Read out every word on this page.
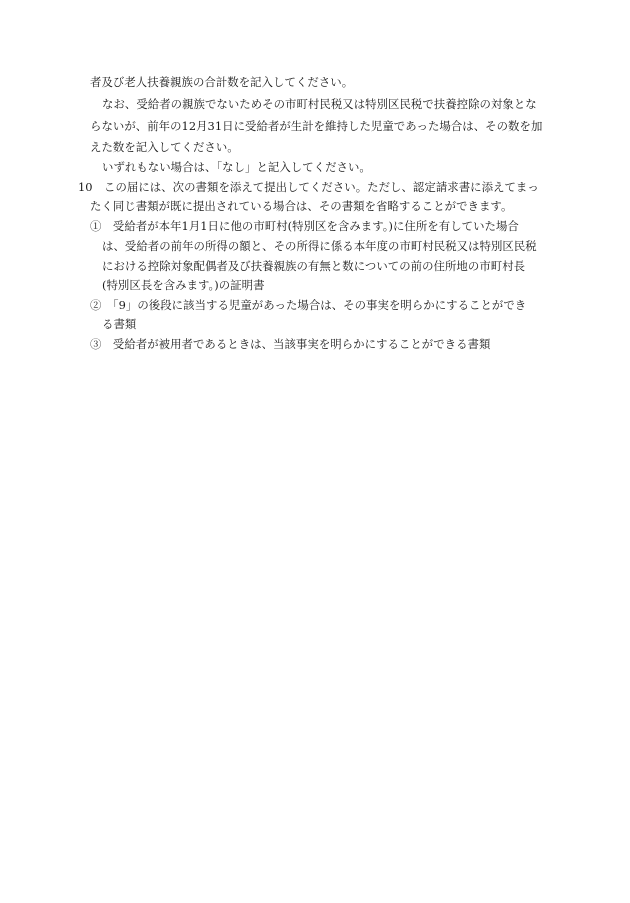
者及び老人扶養親族の合計数を記入してください。
なお、受給者の親族でないためその市町村民税又は特別区民税で扶養控除の対象とな
らないが、前年の12月31日に受給者が生計を維持した児童であった場合は、その数を加
えた数を記入してください。
いずれもない場合は、「なし」と記入してください。
10　この届には、次の書類を添えて提出してください。ただし、認定請求書に添えてまっ
たく同じ書類が既に提出されている場合は、その書類を省略することができます。
①　受給者が本年1月1日に他の市町村(特別区を含みます。)に住所を有していた場合
は、受給者の前年の所得の額と、その所得に係る本年度の市町村民税又は特別区民税
における控除対象配偶者及び扶養親族の有無と数についての前の住所地の市町村長
(特別区長を含みます。)の証明書
②　「9」の後段に該当する児童があった場合は、その事実を明らかにすることができ
る書類
③　受給者が被用者であるときは、当該事実を明らかにすることができる書類
